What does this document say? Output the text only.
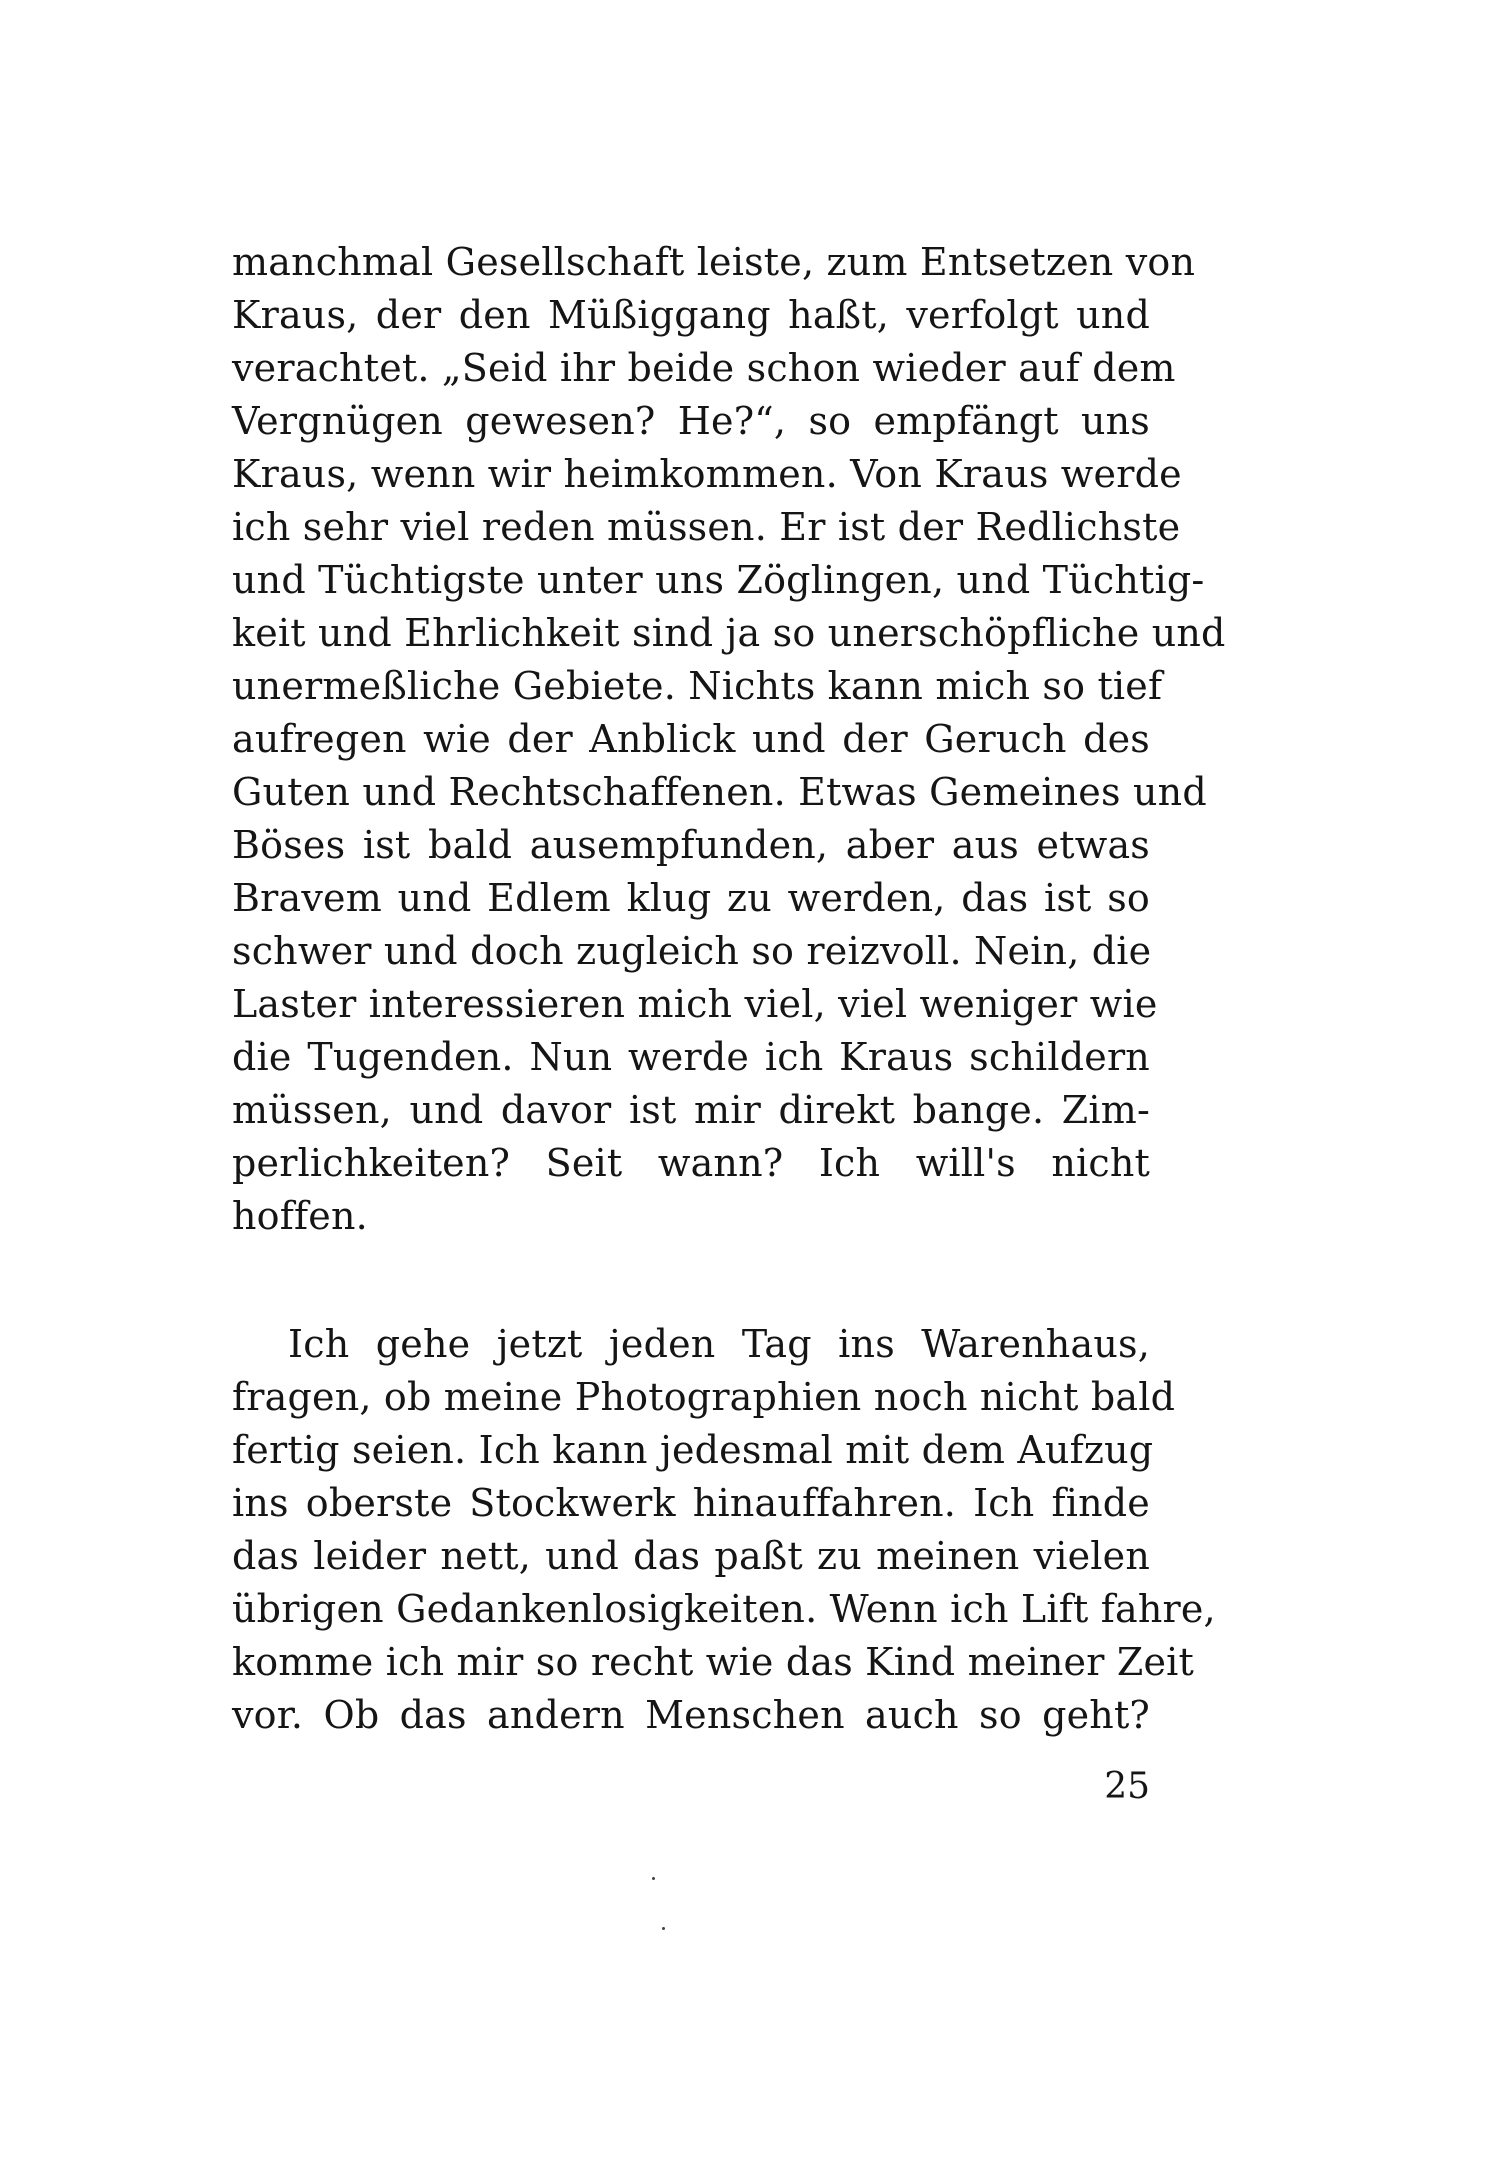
manchmal Gesellschaft leiste, zum Entsetzen von
Kraus, der den Müßiggang haßt, verfolgt und
verachtet. „Seid ihr beide schon wieder auf dem
Vergnügen gewesen? He?“, so empfängt uns
Kraus, wenn wir heimkommen. Von Kraus werde
ich sehr viel reden müssen. Er ist der Redlichste
und Tüchtigste unter uns Zöglingen, und Tüchtig-
keit und Ehrlichkeit sind ja so unerschöpfliche und
unermeßliche Gebiete. Nichts kann mich so tief
aufregen wie der Anblick und der Geruch des
Guten und Rechtschaffenen. Etwas Gemeines und
Böses ist bald ausempfunden, aber aus etwas
Bravem und Edlem klug zu werden, das ist so
schwer und doch zugleich so reizvoll. Nein, die
Laster interessieren mich viel, viel weniger wie
die Tugenden. Nun werde ich Kraus schildern
müssen, und davor ist mir direkt bange. Zim-
perlichkeiten? Seit wann? Ich will's nicht
hoffen.
Ich gehe jetzt jeden Tag ins Warenhaus,
fragen, ob meine Photographien noch nicht bald
fertig seien. Ich kann jedesmal mit dem Aufzug
ins oberste Stockwerk hinauffahren. Ich finde
das leider nett, und das paßt zu meinen vielen
übrigen Gedankenlosigkeiten. Wenn ich Lift fahre,
komme ich mir so recht wie das Kind meiner Zeit
vor. Ob das andern Menschen auch so geht?
25
